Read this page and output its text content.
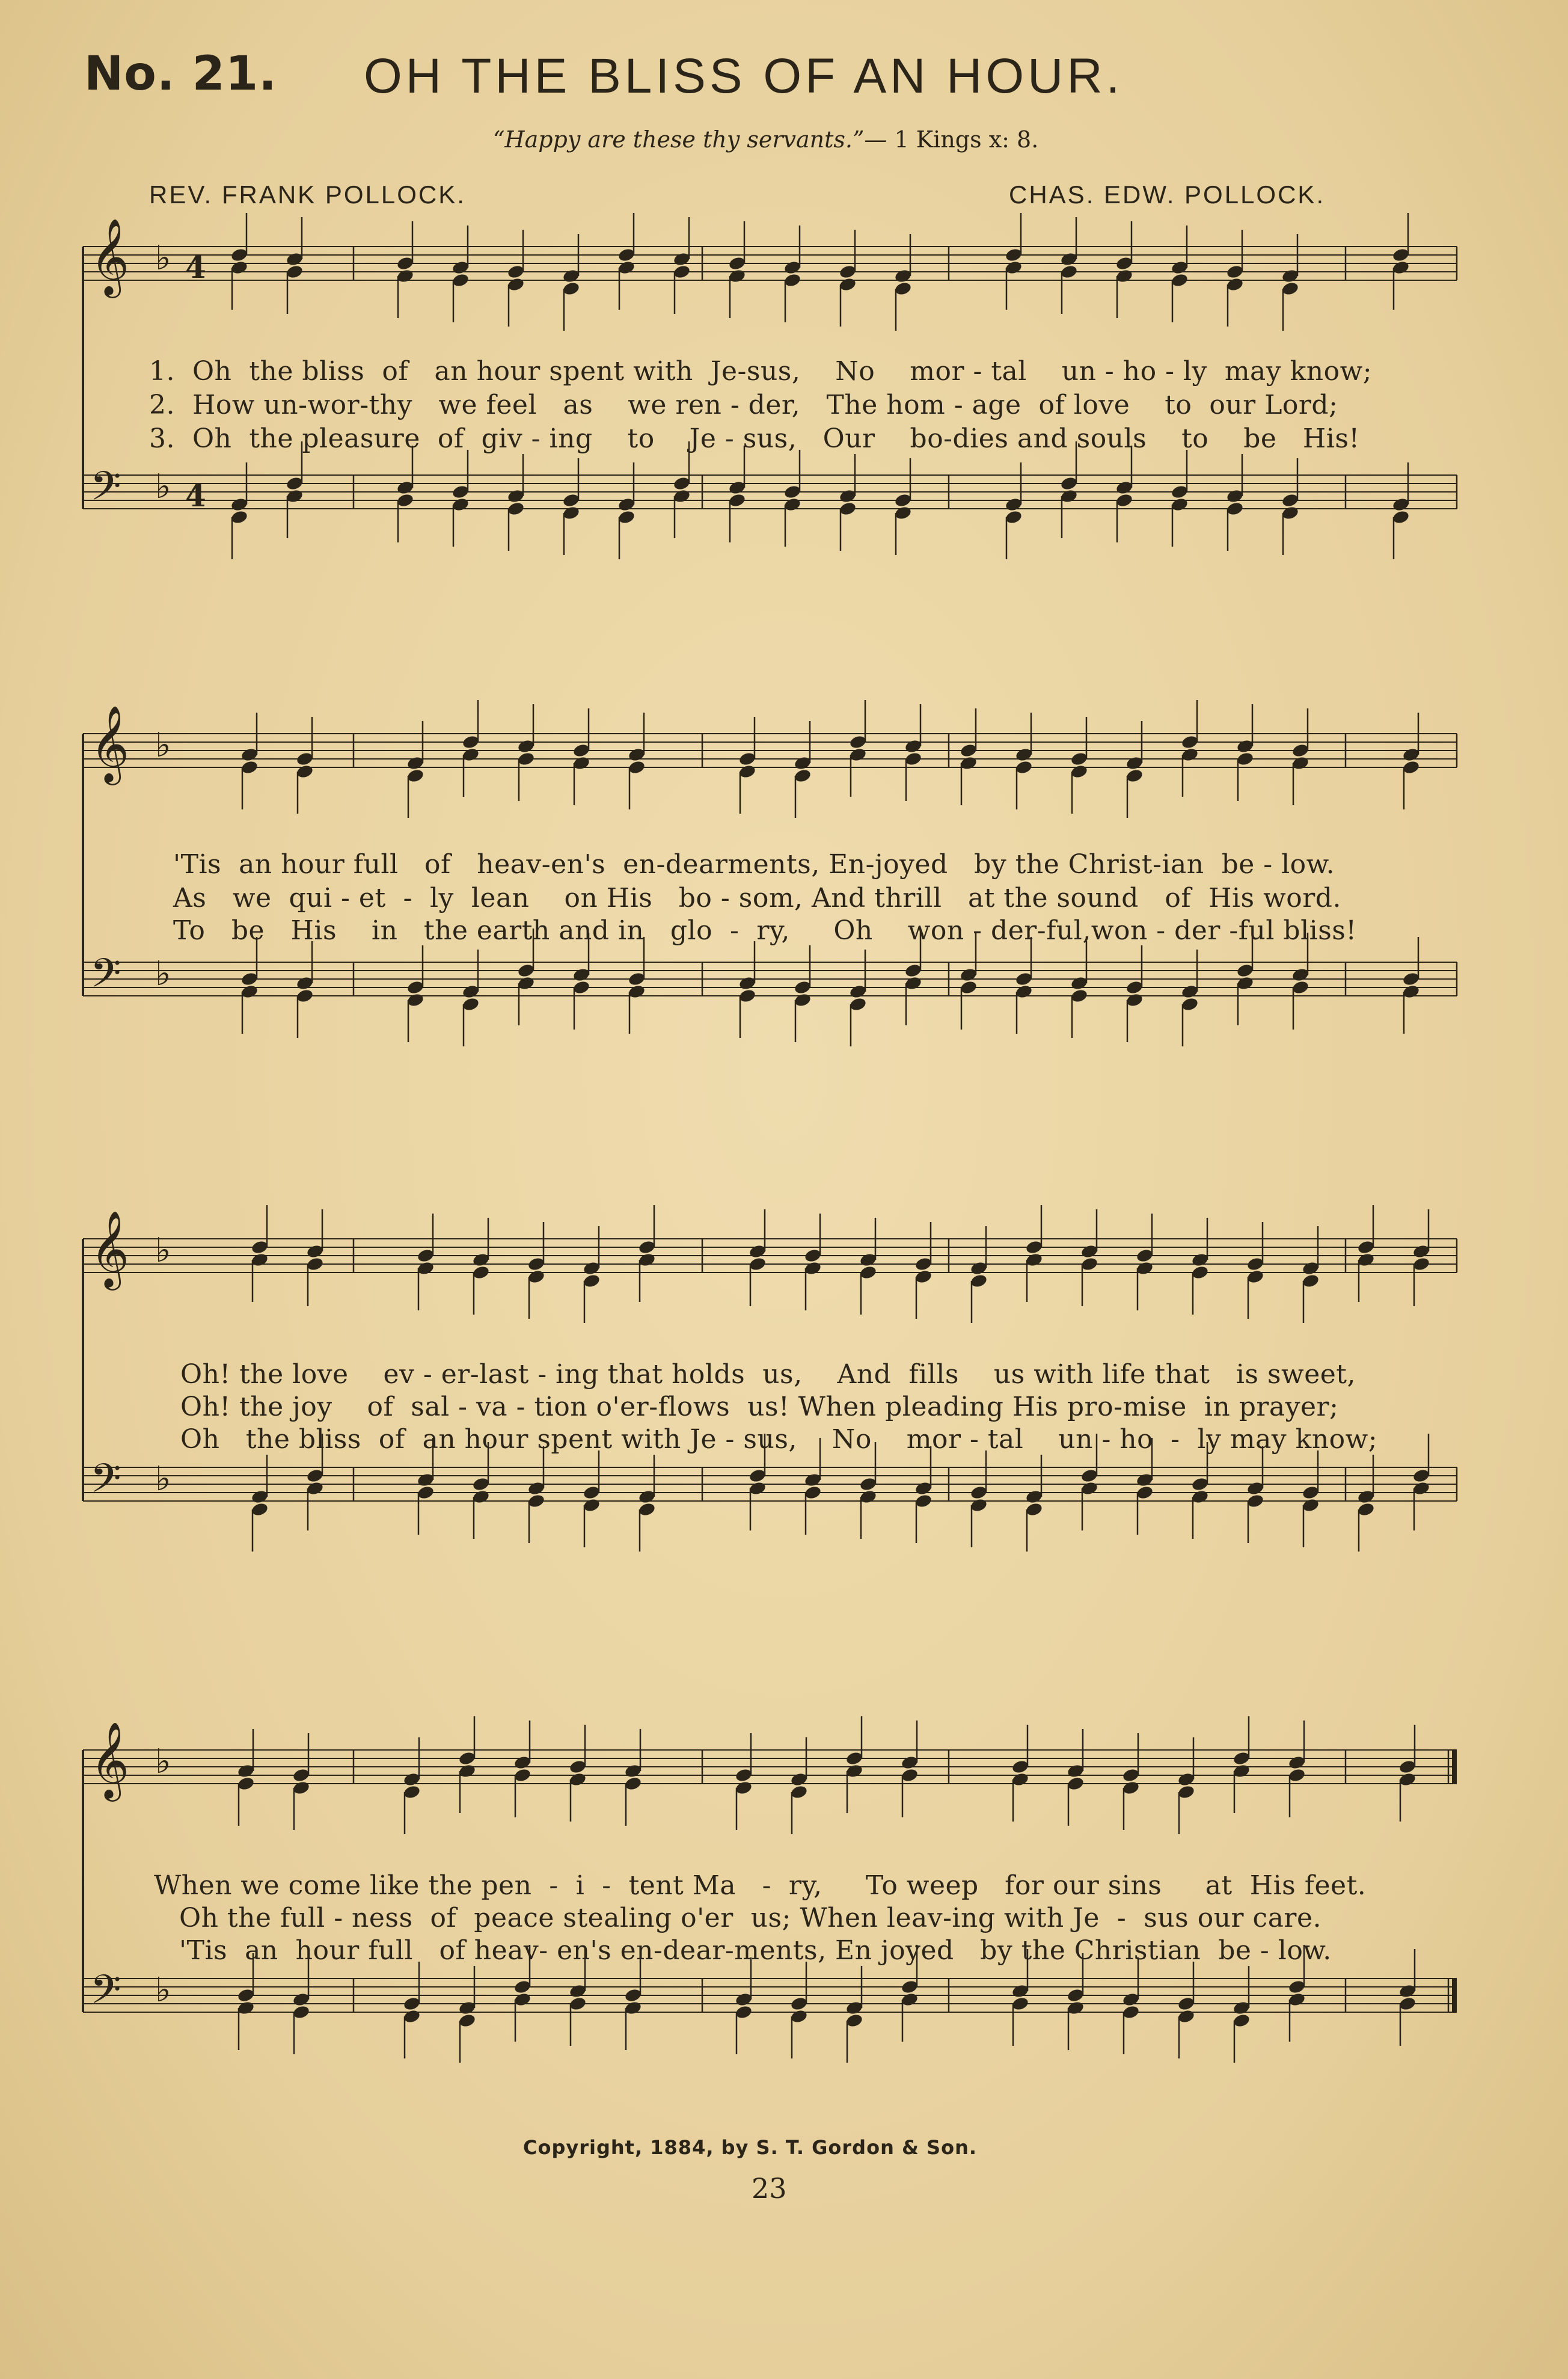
No. 21. OH THE BLISS OF AN HOUR.
“Happy are these thy servants.”— 1 Kings x: 8.
REV. FRANK POLLOCK.	CHAS. EDW. POLLOCK.
𝄞 ♭ 4
𝄢 ♭ 4
1.  Oh  the bliss  of   an hour spent with  Je-sus,    No    mor - tal    un - ho - ly  may know;
2.  How un-wor-thy   we feel   as    we ren - der,   The hom - age  of love    to  our Lord;
3.  Oh  the pleasure  of  giv - ing    to    Je - sus,   Our    bo-dies and souls    to    be   His!
𝄞 ♭
𝄢 ♭
'Tis  an hour full   of   heav-en's  en-dearments, En-joyed   by the Christ-ian  be - low.
As   we  qui - et  -  ly  lean    on His   bo - som, And thrill   at the sound   of  His word.
To   be   His    in   the earth and in   glo  -  ry,     Oh    won - der-ful,won - der -ful bliss!
𝄞 ♭
𝄢 ♭
Oh! the love    ev - er-last - ing that holds  us,    And  fills    us with life that   is sweet,
Oh! the joy    of  sal - va - tion o'er-flows  us! When pleading His pro-mise  in prayer;
Oh   the bliss  of  an hour spent with Je - sus,    No    mor - tal    un - ho  -  ly may know;
𝄞 ♭
𝄢 ♭
When we come like the pen  -  i  -  tent Ma   -  ry,     To weep   for our sins     at  His feet.
Oh the full - ness  of  peace stealing o'er  us; When leav-ing with Je  -  sus our care.
'Tis  an  hour full   of heav- en's en-dear-ments, En joyed   by the Christian  be - low.
Copyright, 1884, by S. T. Gordon & Son.
23
